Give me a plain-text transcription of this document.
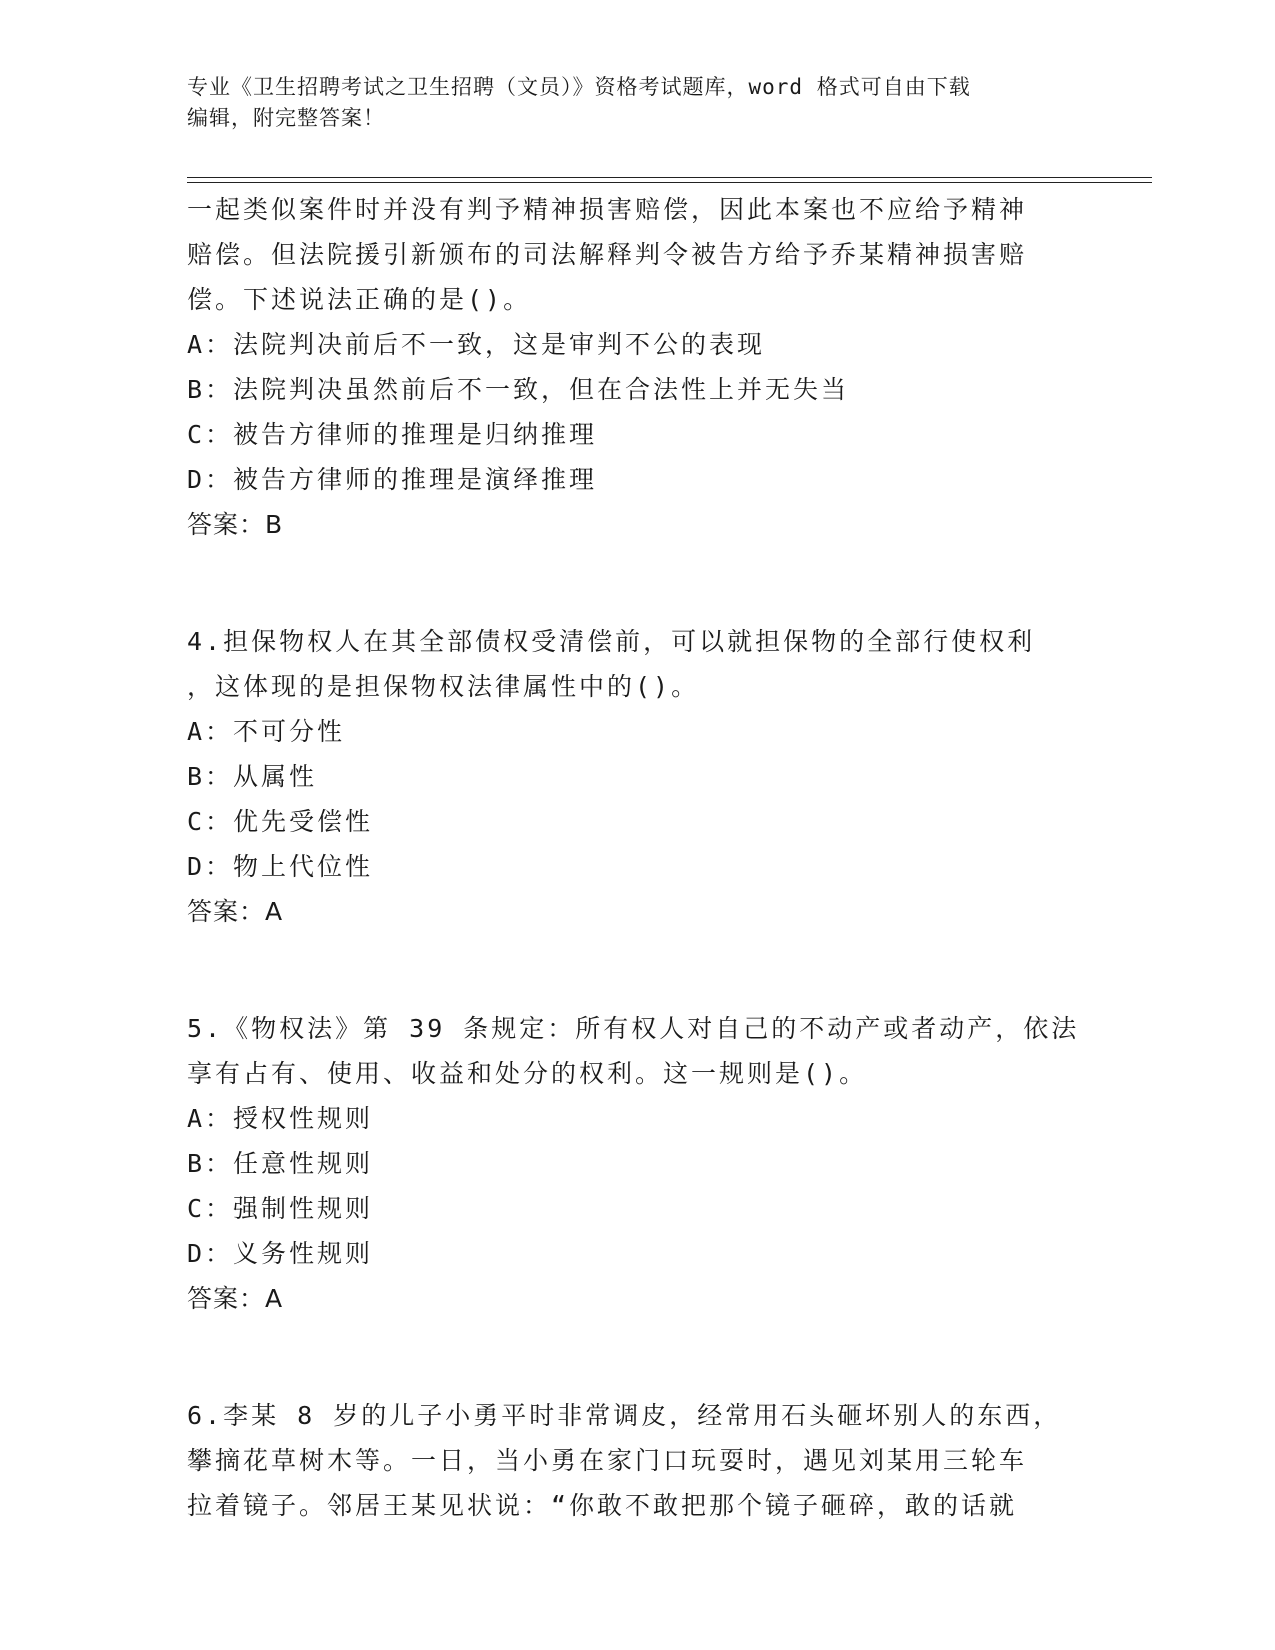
专业《卫生招聘考试之卫生招聘（文员）》资格考试题库，word 格式可自由下载
编辑，附完整答案！
一起类似案件时并没有判予精神损害赔偿，因此本案也不应给予精神
赔偿。但法院援引新颁布的司法解释判令被告方给予乔某精神损害赔
偿。下述说法正确的是()。
A：法院判决前后不一致，这是审判不公的表现
B：法院判决虽然前后不一致，但在合法性上并无失当
C：被告方律师的推理是归纳推理
D：被告方律师的推理是演绎推理
答案：B
4.担保物权人在其全部债权受清偿前，可以就担保物的全部行使权利
，这体现的是担保物权法律属性中的()。
A：不可分性
B：从属性
C：优先受偿性
D：物上代位性
答案：A
5.《物权法》第 39 条规定：所有权人对自己的不动产或者动产，依法
享有占有、使用、收益和处分的权利。这一规则是()。
A：授权性规则
B：任意性规则
C：强制性规则
D：义务性规则
答案：A
6.李某 8 岁的儿子小勇平时非常调皮，经常用石头砸坏别人的东西，
攀摘花草树木等。一日，当小勇在家门口玩耍时，遇见刘某用三轮车
拉着镜子。邻居王某见状说：“你敢不敢把那个镜子砸碎，敢的话就
